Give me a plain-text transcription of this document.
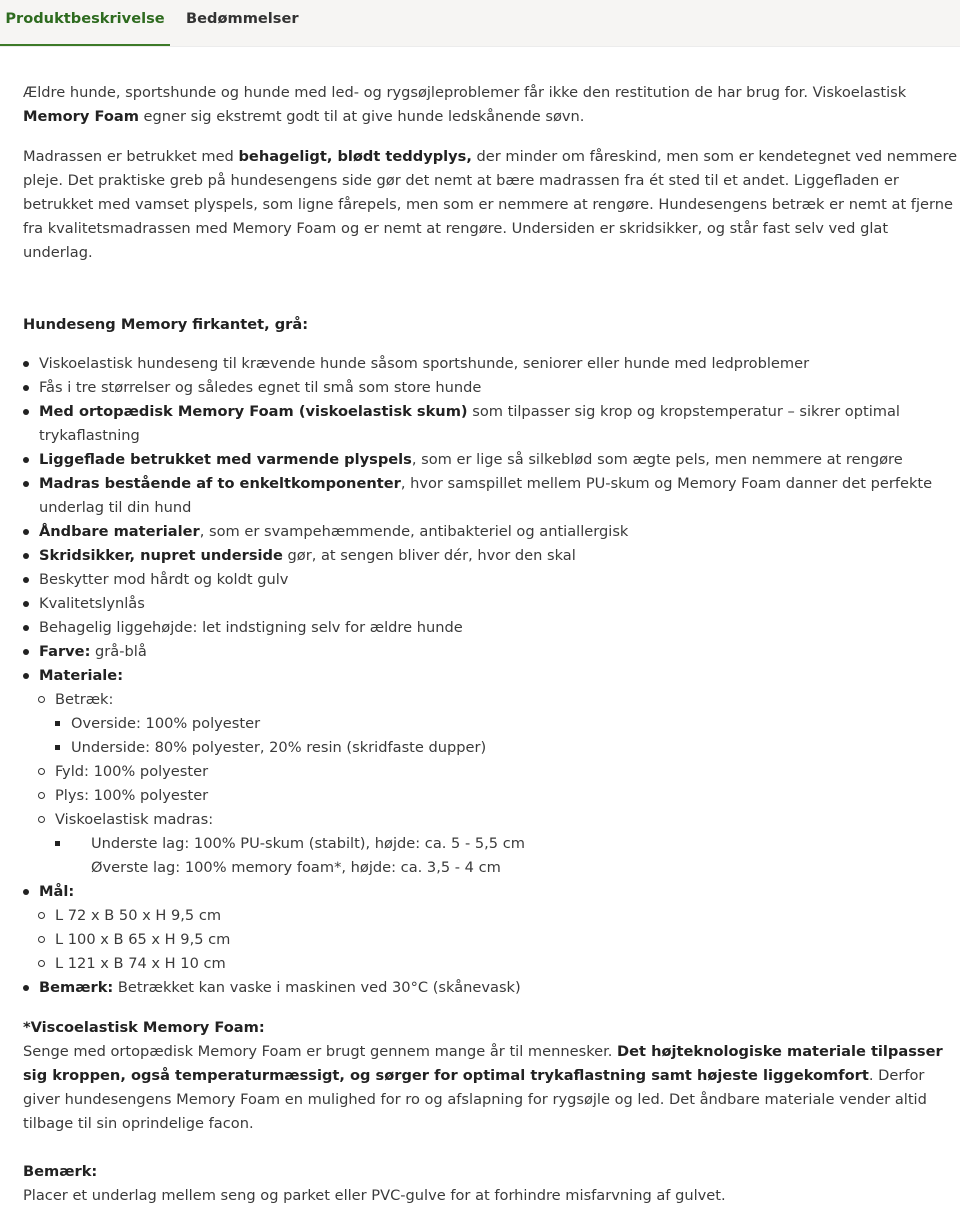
Produktbeskrivelse	Bedømmelser

Ældre hunde, sportshunde og hunde med led- og rygsøjleproblemer får ikke den restitution de har brug for. Viskoelastisk Memory Foam egner sig ekstremt godt til at give hunde ledskånende søvn.

Madrassen er betrukket med behageligt, blødt teddyplys, der minder om fåreskind, men som er kendetegnet ved nemmere pleje. Det praktiske greb på hundesengens side gør det nemt at bære madrassen fra ét sted til et andet. Liggefladen er betrukket med vamset plyspels, som ligne fårepels, men som er nemmere at rengøre. Hundesengens betræk er nemt at fjerne fra kvalitetsmadrassen med Memory Foam og er nemt at rengøre. Undersiden er skridsikker, og står fast selv ved glat underlag.

Hundeseng Memory firkantet, grå:

Viskoelastisk hundeseng til krævende hunde såsom sportshunde, seniorer eller hunde med ledproblemer
Fås i tre størrelser og således egnet til små som store hunde
Med ortopædisk Memory Foam (viskoelastisk skum) som tilpasser sig krop og kropstemperatur – sikrer optimal trykaflastning
Liggeflade betrukket med varmende plyspels, som er lige så silkeblød som ægte pels, men nemmere at rengøre
Madras bestående af to enkeltkomponenter, hvor samspillet mellem PU-skum og Memory Foam danner det perfekte underlag til din hund
Åndbare materialer, som er svampehæmmende, antibakteriel og antiallergisk
Skridsikker, nupret underside gør, at sengen bliver dér, hvor den skal
Beskytter mod hårdt og koldt gulv
Kvalitetslynlås
Behagelig liggehøjde: let indstigning selv for ældre hunde
Farve: grå-blå
Materiale:
Betræk:
Overside: 100% polyester
Underside: 80% polyester, 20% resin (skridfaste dupper)
Fyld: 100% polyester
Plys: 100% polyester
Viskoelastisk madras:
Underste lag: 100% PU-skum (stabilt), højde: ca. 5 - 5,5 cm
Øverste lag: 100% memory foam*, højde: ca. 3,5 - 4 cm
Mål:
L 72 x B 50 x H 9,5 cm
L 100 x B 65 x H 9,5 cm
L 121 x B 74 x H 10 cm
Bemærk: Betrækket kan vaske i maskinen ved 30°C (skånevask)

*Viscoelastisk Memory Foam:

Senge med ortopædisk Memory Foam er brugt gennem mange år til mennesker. Det højteknologiske materiale tilpasser sig kroppen, også temperaturmæssigt, og sørger for optimal trykaflastning samt højeste liggekomfort. Derfor giver hundesengens Memory Foam en mulighed for ro og afslapning for rygsøjle og led. Det åndbare materiale vender altid tilbage til sin oprindelige facon.

Bemærk:

Placer et underlag mellem seng og parket eller PVC-gulve for at forhindre misfarvning af gulvet.
